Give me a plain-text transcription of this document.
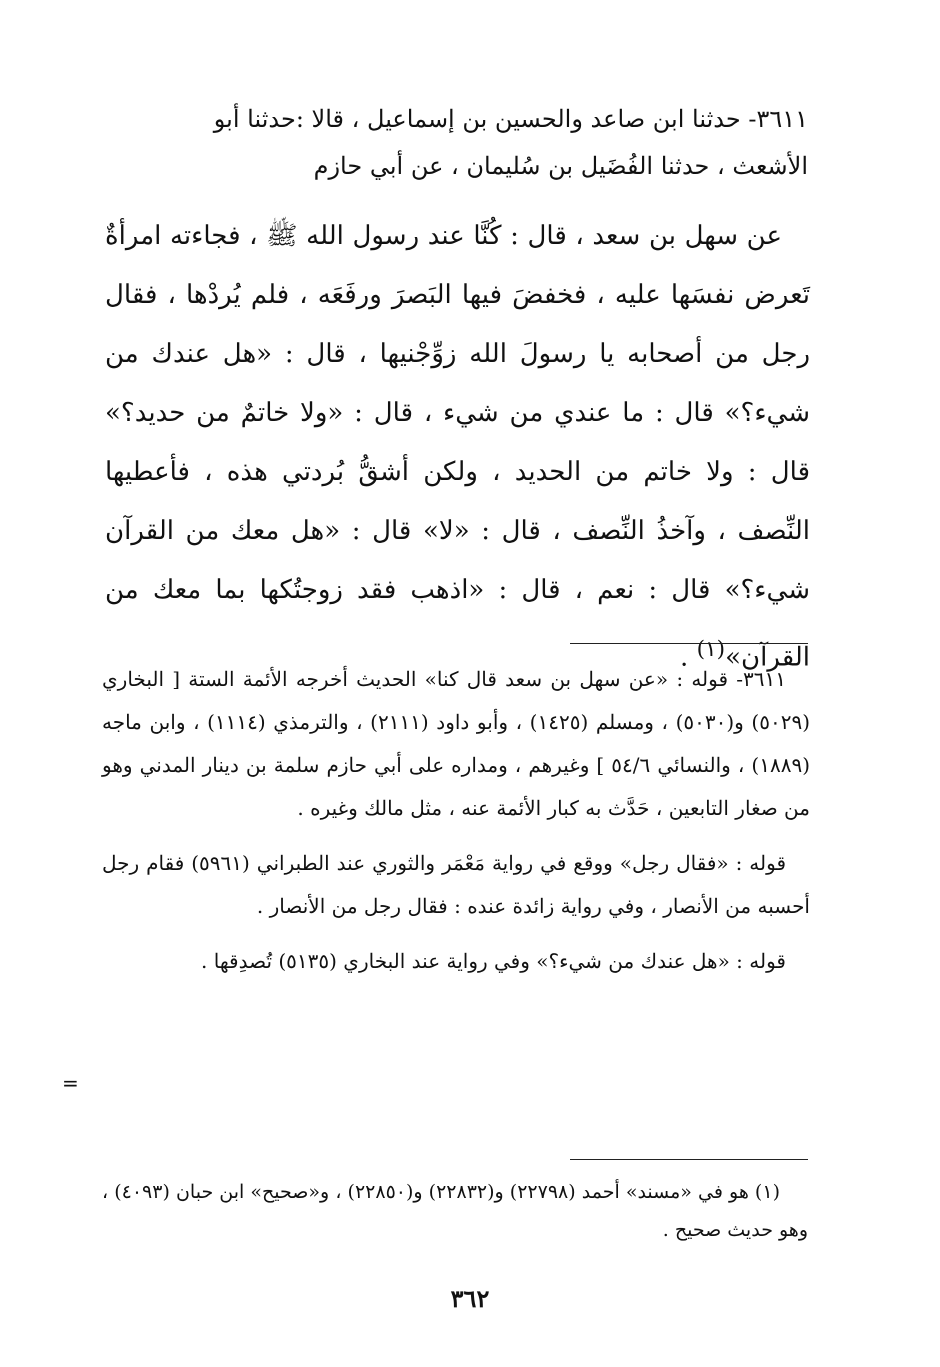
٣٦١١- حدثنا ابن صاعد والحسين بن إسماعيل ، قالا :حدثنا أبو

الأشعث ، حدثنا الفُضَيل بن سُليمان ، عن أبي حازم

عن سهل بن سعد ، قال : كُنَّا عند رسول الله ﷺ ، فجاءته امرأةٌ تَعرض نفسَها عليه ، فخفضَ فيها البَصرَ ورفَعَه ، فلم يُردْها ، فقال رجل من أصحابه يا رسولَ الله زوِّجْنيها ، قال : «هل عندك من شيء؟» قال : ما عندي من شيء ، قال : «ولا خاتمٌ من حديد؟» قال : ولا خاتم من الحديد ، ولكن أشقُّ بُردتي هذه ، فأعطيها النِّصف ، وآخذُ النِّصف ، قال : «لا» قال : «هل معك من القرآن شيء؟» قال : نعم ، قال : «اذهب فقد زوجتُكها بما معك من القرآن»$^{(١)}$ .

٣٦١١- قوله : «عن سهل بن سعد قال كنا» الحديث أخرجه الأئمة الستة [ البخاري (٥٠٢٩) و(٥٠٣٠) ، ومسلم (١٤٢٥) ، وأبو داود (٢١١١) ، والترمذي (١١١٤) ، وابن ماجه (١٨٨٩) ، والنسائي ٥٤/٦ ] وغيرهم ، ومداره على أبي حازم سلمة بن دينار المدني وهو من صغار التابعين ، حَدَّث به كبار الأئمة عنه ، مثل مالك وغيره .

قوله : «فقال رجل» ووقع في رواية مَعْمَر والثوري عند الطبراني (٥٩٦١) فقام رجل أحسبه من الأنصار ، وفي رواية زائدة عنده : فقال رجل من الأنصار .

قوله : «هل عندك من شيء؟» وفي رواية عند البخاري (٥١٣٥) تُصدِقها .

=

(١) هو في «مسند» أحمد (٢٢٧٩٨) و(٢٢٨٣٢) و(٢٢٨٥٠) ، و«صحيح» ابن حبان (٤٠٩٣) ، وهو حديث صحيح .

٣٦٢
